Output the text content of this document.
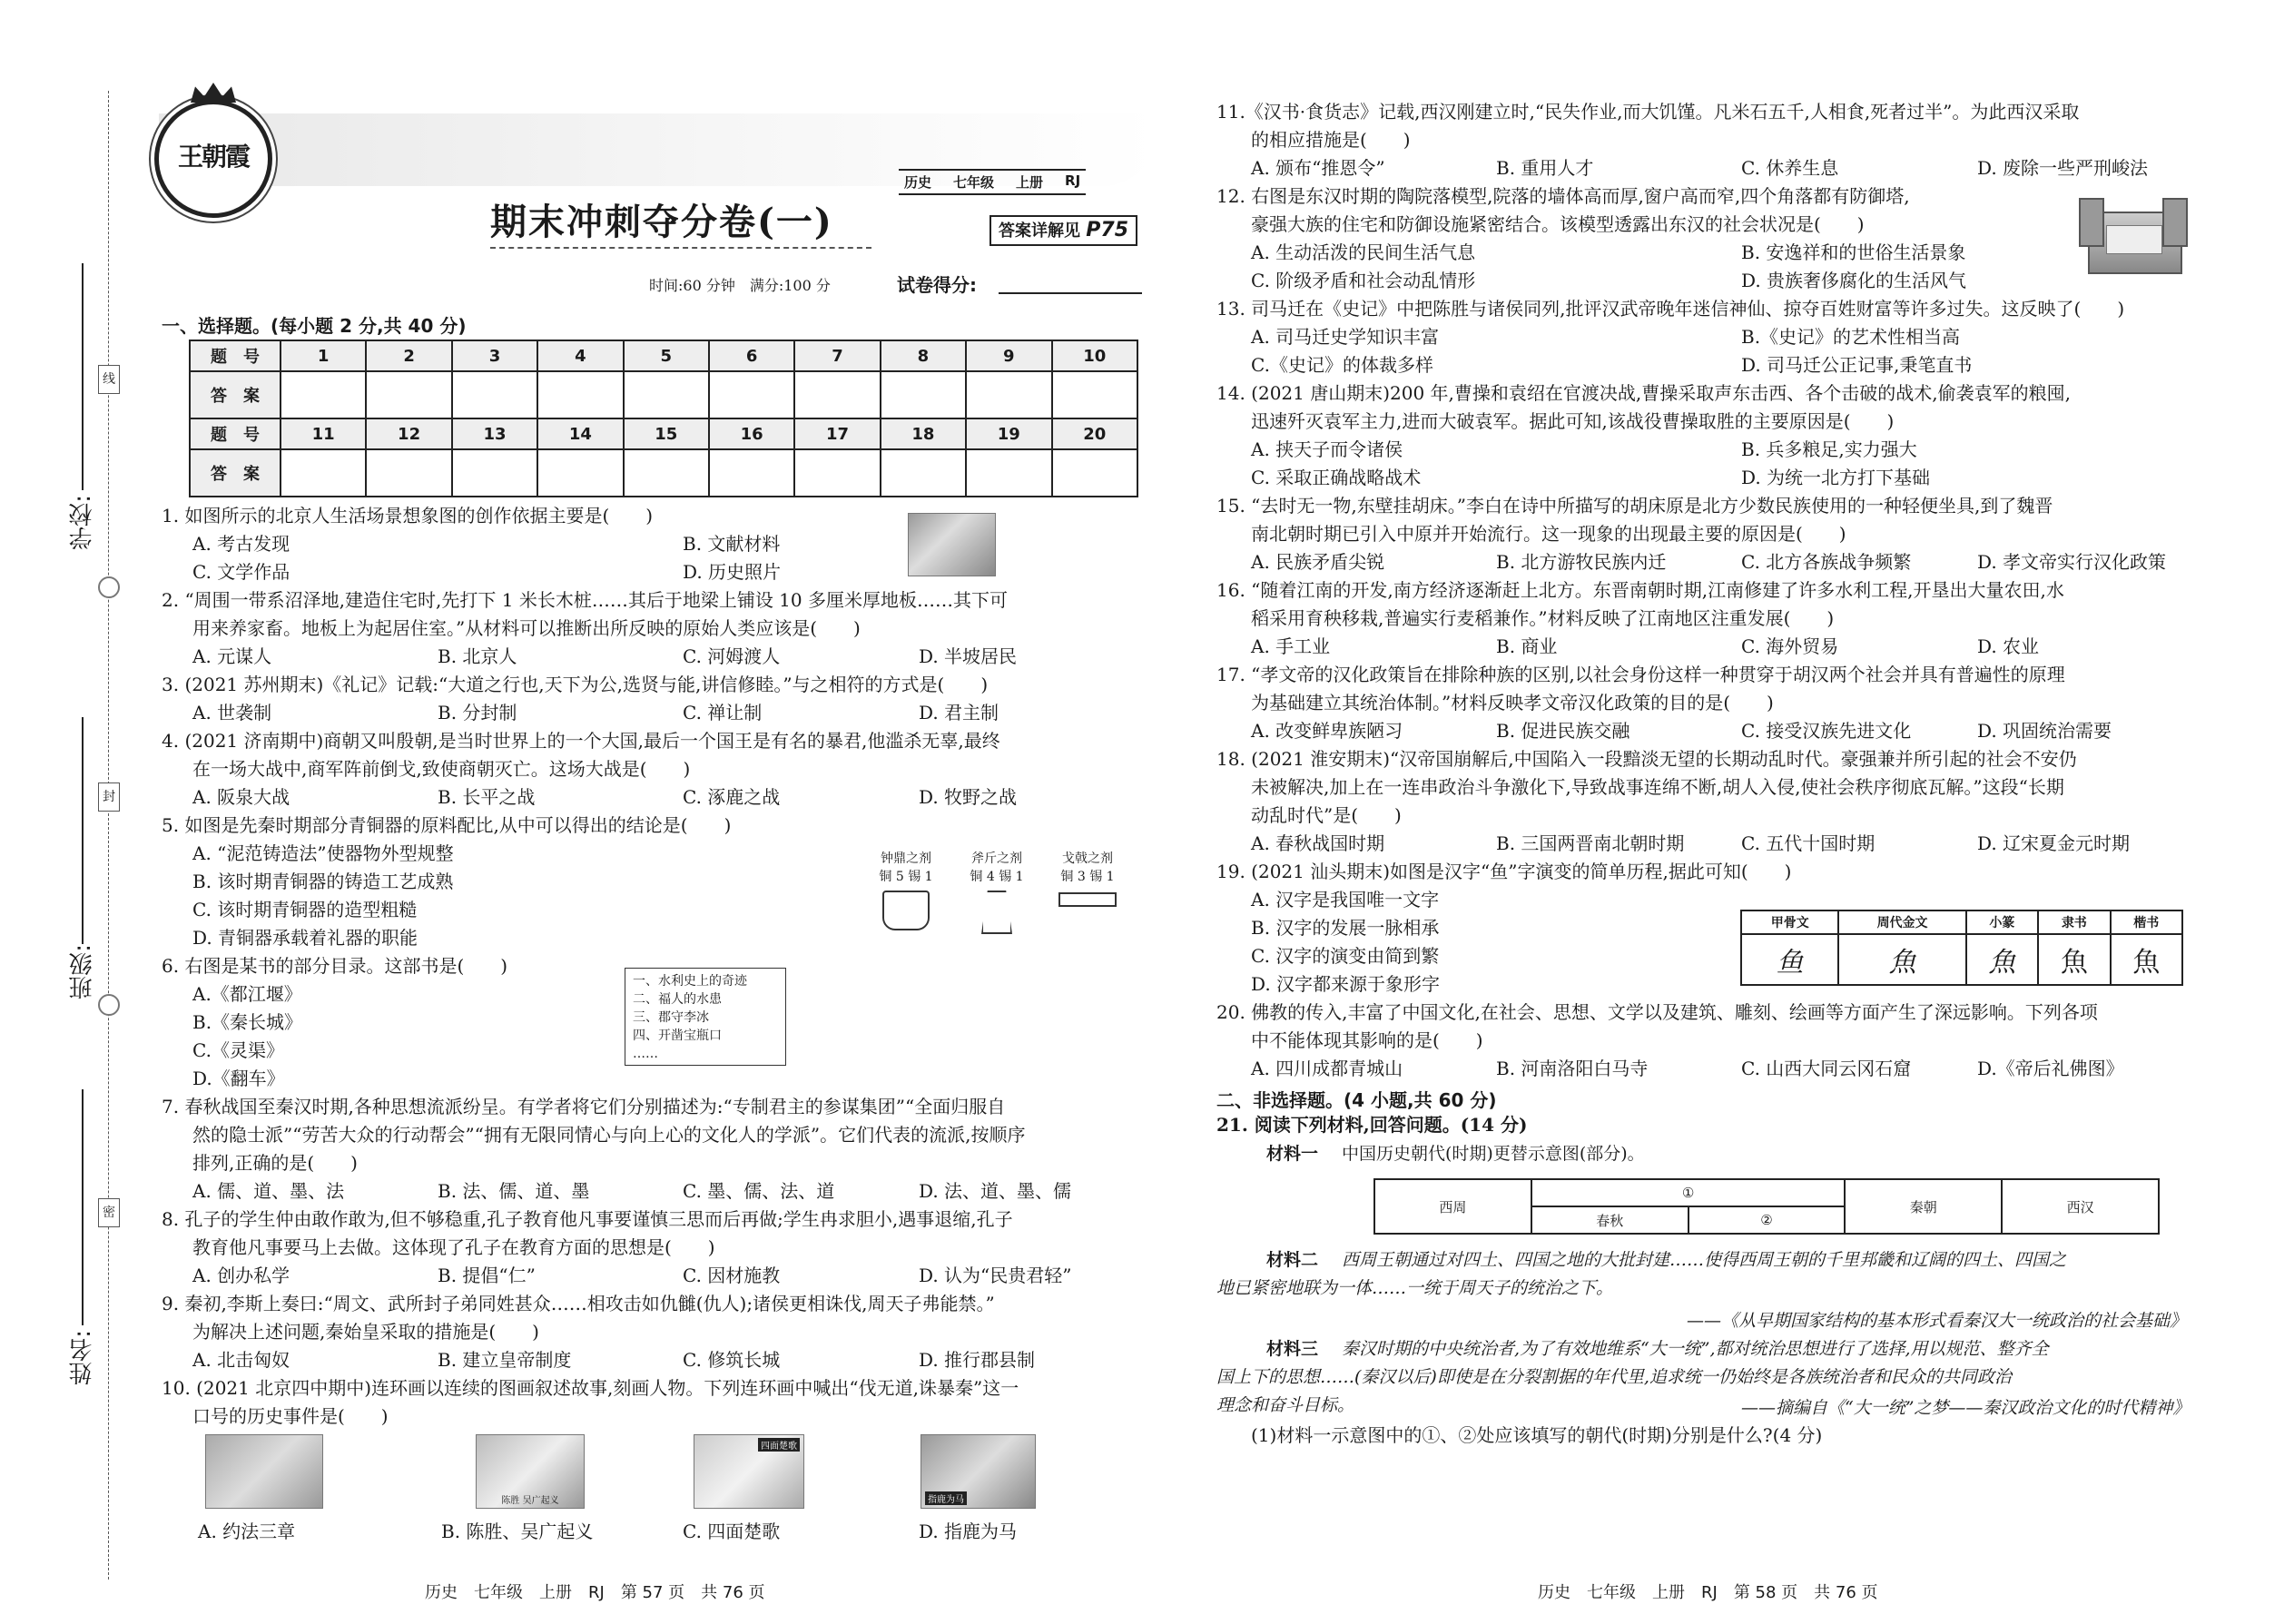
线
封
密
学校:
班级:
姓名:
王朝霞
历史 七年级 上册 RJ
期末冲刺夺分卷(一)	答案详解见 P75
时间:60 分钟　满分:100 分	试卷得分:
一、选择题。(每小题 2 分,共 40 分)
题　号	1	2	3	4	5	6	7	8	9	10
答　案										
题　号	11	12	13	14	15	16	17	18	19	20
答　案										
1. 如图所示的北京人生活场景想象图的创作依据主要是(　　)
A. 考古发现	B. 文献材料
C. 文学作品	D. 历史照片
2. “周围一带系沼泽地,建造住宅时,先打下 1 米长木桩……其后于地梁上铺设 10 多厘米厚地板……其下可
用来养家畜。地板上为起居住室。”从材料可以推断出所反映的原始人类应该是(　　)
A. 元谋人	B. 北京人	C. 河姆渡人	D. 半坡居民
3. (2021 苏州期末)《礼记》记载:“大道之行也,天下为公,选贤与能,讲信修睦。”与之相符的方式是(　　)
A. 世袭制	B. 分封制	C. 禅让制	D. 君主制
4. (2021 济南期中)商朝又叫殷朝,是当时世界上的一个大国,最后一个国王是有名的暴君,他滥杀无辜,最终
在一场大战中,商军阵前倒戈,致使商朝灭亡。这场大战是(　　)
A. 阪泉大战	B. 长平之战	C. 涿鹿之战	D. 牧野之战
5. 如图是先秦时期部分青铜器的原料配比,从中可以得出的结论是(　　)
A. “泥范铸造法”使器物外型规整
B. 该时期青铜器的铸造工艺成熟
C. 该时期青铜器的造型粗糙
D. 青铜器承载着礼器的职能
钟鼎之剂
铜 5 锡 1
斧斤之剂
铜 4 锡 1
戈戟之剂
铜 3 锡 1
6. 右图是某书的部分目录。这部书是(　　)
A.《都江堰》
B.《秦长城》
C.《灵渠》
D.《翻车》
一、水利史上的奇迹
二、福人的水患
三、郡守李冰
四、开凿宝瓶口
……
7. 春秋战国至秦汉时期,各种思想流派纷呈。有学者将它们分别描述为:“专制君主的参谋集团”“全面归服自
然的隐士派”“劳苦大众的行动帮会”“拥有无限同情心与向上心的文化人的学派”。它们代表的流派,按顺序
排列,正确的是(　　)
A. 儒、道、墨、法	B. 法、儒、道、墨	C. 墨、儒、法、道	D. 法、道、墨、儒
8. 孔子的学生仲由敢作敢为,但不够稳重,孔子教育他凡事要谨慎三思而后再做;学生冉求胆小,遇事退缩,孔子
教育他凡事要马上去做。这体现了孔子在教育方面的思想是(　　)
A. 创办私学	B. 提倡“仁”	C. 因材施教	D. 认为“民贵君轻”
9. 秦初,李斯上奏曰:“周文、武所封子弟同姓甚众……相攻击如仇雠(仇人);诸侯更相诛伐,周天子弗能禁。”
为解决上述问题,秦始皇采取的措施是(　　)
A. 北击匈奴	B. 建立皇帝制度	C. 修筑长城	D. 推行郡县制
10. (2021 北京四中期中)连环画以连续的图画叙述故事,刻画人物。下列连环画中喊出“伐无道,诛暴秦”这一
口号的历史事件是(　　)
陈胜 吴广起义
四面楚歌
指鹿为马
A. 约法三章	B. 陈胜、吴广起义	C. 四面楚歌	D. 指鹿为马
11.《汉书·食货志》记载,西汉刚建立时,“民失作业,而大饥馑。凡米石五千,人相食,死者过半”。为此西汉采取
的相应措施是(　　)
A. 颁布“推恩令”	B. 重用人才	C. 休养生息	D. 废除一些严刑峻法
12. 右图是东汉时期的陶院落模型,院落的墙体高而厚,窗户高而窄,四个角落都有防御塔,
豪强大族的住宅和防御设施紧密结合。该模型透露出东汉的社会状况是(　　)
A. 生动活泼的民间生活气息	B. 安逸祥和的世俗生活景象
C. 阶级矛盾和社会动乱情形	D. 贵族奢侈腐化的生活风气
13. 司马迁在《史记》中把陈胜与诸侯同列,批评汉武帝晚年迷信神仙、掠夺百姓财富等许多过失。这反映了(　　)
A. 司马迁史学知识丰富	B.《史记》的艺术性相当高
C.《史记》的体裁多样	D. 司马迁公正记事,秉笔直书
14. (2021 唐山期末)200 年,曹操和袁绍在官渡决战,曹操采取声东击西、各个击破的战术,偷袭袁军的粮囤,
迅速歼灭袁军主力,进而大破袁军。据此可知,该战役曹操取胜的主要原因是(　　)
A. 挟天子而令诸侯	B. 兵多粮足,实力强大
C. 采取正确战略战术	D. 为统一北方打下基础
15. “去时无一物,东壁挂胡床。”李白在诗中所描写的胡床原是北方少数民族使用的一种轻便坐具,到了魏晋
南北朝时期已引入中原并开始流行。这一现象的出现最主要的原因是(　　)
A. 民族矛盾尖锐	B. 北方游牧民族内迁	C. 北方各族战争频繁	D. 孝文帝实行汉化政策
16. “随着江南的开发,南方经济逐渐赶上北方。东晋南朝时期,江南修建了许多水利工程,开垦出大量农田,水
稻采用育秧移栽,普遍实行麦稻兼作。”材料反映了江南地区注重发展(　　)
A. 手工业	B. 商业	C. 海外贸易	D. 农业
17. “孝文帝的汉化政策旨在排除种族的区别,以社会身份这样一种贯穿于胡汉两个社会并具有普遍性的原理
为基础建立其统治体制。”材料反映孝文帝汉化政策的目的是(　　)
A. 改变鲜卑族陋习	B. 促进民族交融	C. 接受汉族先进文化	D. 巩固统治需要
18. (2021 淮安期末)“汉帝国崩解后,中国陷入一段黯淡无望的长期动乱时代。豪强兼并所引起的社会不安仍
未被解决,加上在一连串政治斗争激化下,导致战事连绵不断,胡人入侵,使社会秩序彻底瓦解。”这段“长期
动乱时代”是(　　)
A. 春秋战国时期	B. 三国两晋南北朝时期	C. 五代十国时期	D. 辽宋夏金元时期
19. (2021 汕头期末)如图是汉字“鱼”字演变的简单历程,据此可知(　　)
A. 汉字是我国唯一文字
B. 汉字的发展一脉相承
C. 汉字的演变由简到繁
D. 汉字都来源于象形字
甲骨文	周代金文	小篆	隶书	楷书
鱼	魚	魚	魚	魚
20. 佛教的传入,丰富了中国文化,在社会、思想、文学以及建筑、雕刻、绘画等方面产生了深远影响。下列各项
中不能体现其影响的是(　　)
A. 四川成都青城山	B. 河南洛阳白马寺	C. 山西大同云冈石窟	D.《帝后礼佛图》
二、非选择题。(4 小题,共 60 分)
21. 阅读下列材料,回答问题。(14 分)
材料一 中国历史朝代(时期)更替示意图(部分)。
西周	①		秦朝	西汉
	春秋	②		
材料二 西周王朝通过对四土、四国之地的大批封建……使得西周王朝的千里邦畿和辽阔的四土、四国之
地已紧密地联为一体……一统于周天子的统治之下。
——《从早期国家结构的基本形式看秦汉大一统政治的社会基础》
材料三 秦汉时期的中央统治者,为了有效地维系“大一统”,都对统治思想进行了选择,用以规范、整齐全
国上下的思想……(秦汉以后)即使是在分裂割据的年代里,追求统一仍始终是各族统治者和民众的共同政治
理念和奋斗目标。	——摘编自《“大一统”之梦——秦汉政治文化的时代精神》
(1)材料一示意图中的①、②处应该填写的朝代(时期)分别是什么?(4 分)
历史　七年级　上册　RJ　第 57 页　共 76 页	历史　七年级　上册　RJ　第 58 页　共 76 页
